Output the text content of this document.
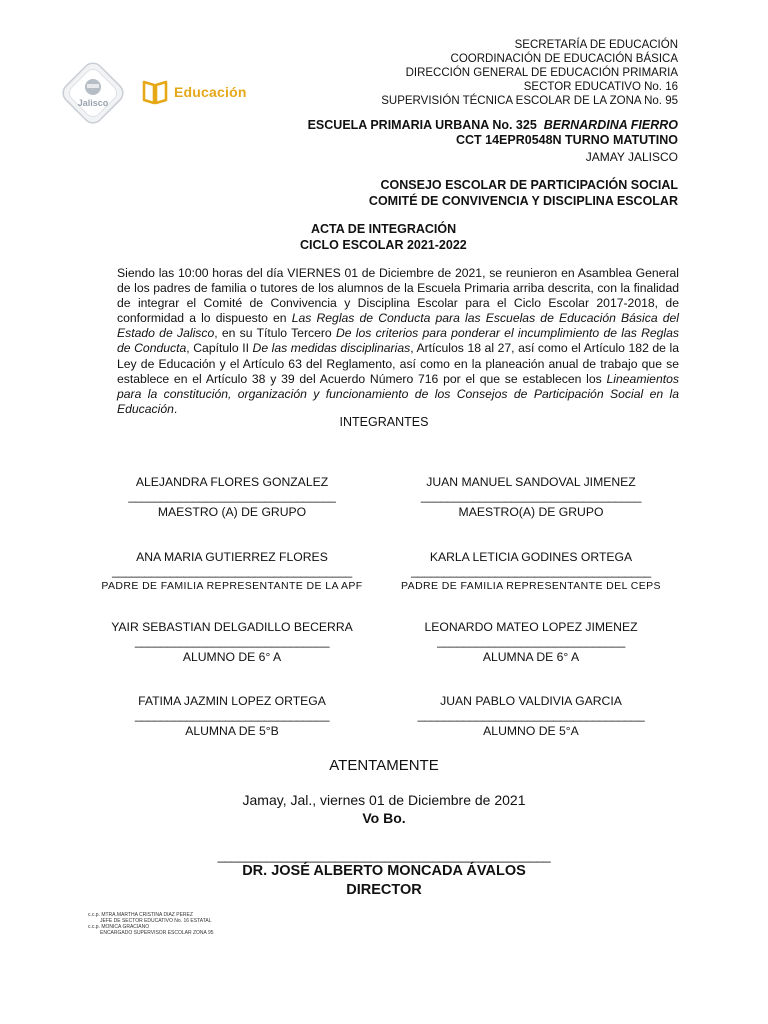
Jalisco
Educación
SECRETARÍA DE EDUCACIÓN
COORDINACIÓN DE EDUCACIÓN BÁSICA
DIRECCIÓN GENERAL DE EDUCACIÓN PRIMARIA
SECTOR EDUCATIVO No. 16
SUPERVISIÓN TÉCNICA ESCOLAR DE LA ZONA No. 95
ESCUELA PRIMARIA URBANA No. 325 BERNARDINA FIERRO
CCT 14EPR0548N TURNO MATUTINO
JAMAY JALISCO
CONSEJO ESCOLAR DE PARTICIPACIÓN SOCIAL
COMITÉ DE CONVIVENCIA Y DISCIPLINA ESCOLAR
ACTA DE INTEGRACIÓN
CICLO ESCOLAR 2021-2022
Siendo las 10:00 horas del día VIERNES 01 de Diciembre de 2021, se reunieron en Asamblea General de los padres de familia o tutores de los alumnos de la Escuela Primaria arriba descrita, con la finalidad de integrar el Comité de Convivencia y Disciplina Escolar para el Ciclo Escolar 2017-2018, de conformidad a lo dispuesto en Las Reglas de Conducta para las Escuelas de Educación Básica del Estado de Jalisco, en su Título Tercero De los criterios para ponderar el incumplimiento de las Reglas de Conducta, Capítulo II De las medidas disciplinarias, Artículos 18 al 27, así como el Artículo 182 de la Ley de Educación y el Artículo 63 del Reglamento, así como en la planeación anual de trabajo que se establece en el Artículo 38 y 39 del Acuerdo Número 716 por el que se establecen los Lineamientos para la constitución, organización y funcionamiento de los Consejos de Participación Social en la Educación.
INTEGRANTES
ALEJANDRA FLORES GONZALEZ
________________________________
MAESTRO (A) DE GRUPO
JUAN MANUEL SANDOVAL JIMENEZ
__________________________________
MAESTRO(A) DE GRUPO
ANA MARIA GUTIERREZ FLORES
_____________________________________
PADRE DE FAMILIA REPRESENTANTE DE LA APF
KARLA LETICIA GODINES ORTEGA
_____________________________________
PADRE DE FAMILIA REPRESENTANTE DEL CEPS
YAIR SEBASTIAN DELGADILLO BECERRA
______________________________
ALUMNO DE 6° A
LEONARDO MATEO LOPEZ JIMENEZ
_____________________________
ALUMNA DE 6° A
FATIMA JAZMIN LOPEZ ORTEGA
______________________________
ALUMNA DE 5°B
JUAN PABLO VALDIVIA GARCIA
___________________________________
ALUMNO DE 5°A
ATENTAMENTE
Jamay, Jal., viernes 01 de Diciembre de 2021
Vo Bo.
________________________________________________
DR. JOSÉ ALBERTO MONCADA ÁVALOS
DIRECTOR
c.c.p. MTRA.MARTHA CRISTINA DIAZ PEREZ
JEFE DE SECTOR EDUCATIVO No. 16 ESTATAL
c.c.p. MONICA GRACIANO
ENCARGADO SUPERVISOR ESCOLAR ZONA 95
